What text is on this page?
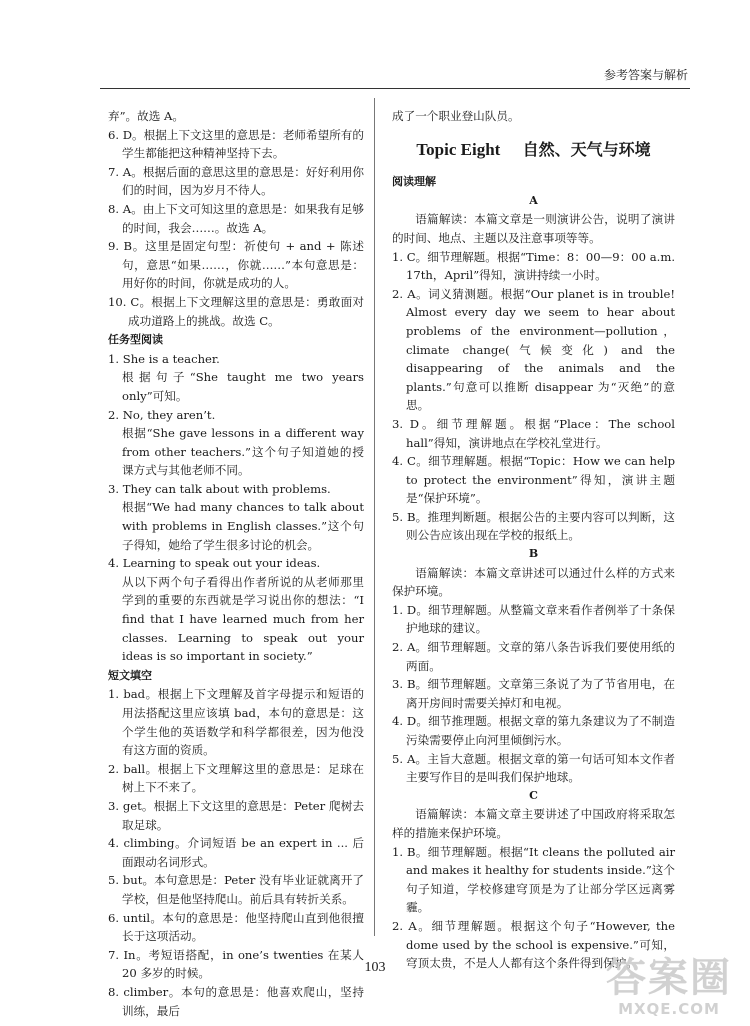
参考答案与解析

弃”。故选 A。

6. D。根据上下文这里的意思是：老师希望所有的学生都能把这种精神坚持下去。

7. A。根据后面的意思这里的意思是：好好利用你们的时间，因为岁月不待人。

8. A。由上下文可知这里的意思是：如果我有足够的时间，我会……。故选 A。

9. B。这里是固定句型：祈使句 + and + 陈述句，意思“如果……，你就……”本句意思是：用好你的时间，你就是成功的人。

10. C。根据上下文理解这里的意思是：勇敢面对成功道路上的挑战。故选 C。

任务型阅读

1. She is a teacher.

根据句子“She taught me two years only”可知。

2. No, they aren’t.

根据“She gave lessons in a different way from other teachers.”这个句子知道她的授课方式与其他老师不同。

3. They can talk about with problems.

根据“We had many chances to talk about with problems in English classes.”这个句子得知，她给了学生很多讨论的机会。

4. Learning to speak out your ideas.

从以下两个句子看得出作者所说的从老师那里学到的重要的东西就是学习说出你的想法：“I find that I have learned much from her classes. Learning to speak out your ideas is so important in society.”

短文填空

1. bad。根据上下文理解及首字母提示和短语的用法搭配这里应该填 bad，本句的意思是：这个学生他的英语数学和科学都很差，因为他没有这方面的资质。

2. ball。根据上下文理解这里的意思是：足球在树上下不来了。

3. get。根据上下文这里的意思是：Peter 爬树去取足球。

4. climbing。介词短语 be an expert in ... 后面跟动名词形式。

5. but。本句意思是：Peter 没有毕业证就离开了学校，但是他坚持爬山。前后具有转折关系。

6. until。本句的意思是：他坚持爬山直到他很擅长于这项活动。

7. In。考短语搭配，in one’s twenties 在某人 20 多岁的时候。

8. climber。本句的意思是：他喜欢爬山，坚持训练，最后

成了一个职业登山队员。

Topic Eight 自然、天气与环境

阅读理解

A

语篇解读：本篇文章是一则演讲公告，说明了演讲的时间、地点、主题以及注意事项等等。

1. C。细节理解题。根据“Time：8：00—9：00 a.m. 17th，April”得知，演讲持续一小时。

2. A。词义猜测题。根据“Our planet is in trouble! Almost every day we seem to hear about problems of the environment—pollution，climate change(气候变化) and the disappearing of the animals and the plants.”句意可以推断 disappear 为“灭绝”的意思。

3. D。细节理解题。根据“Place：The school hall”得知，演讲地点在学校礼堂进行。

4. C。细节理解题。根据“Topic：How we can help to protect the environment”得知，演讲主题是“保护环境”。

5. B。推理判断题。根据公告的主要内容可以判断，这则公告应该出现在学校的报纸上。

B

语篇解读：本篇文章讲述可以通过什么样的方式来保护环境。

1. D。细节理解题。从整篇文章来看作者例举了十条保护地球的建议。

2. A。细节理解题。文章的第八条告诉我们要使用纸的两面。

3. B。细节理解题。文章第三条说了为了节省用电，在离开房间时需要关掉灯和电视。

4. D。细节推理题。根据文章的第九条建议为了不制造污染需要停止向河里倾倒污水。

5. A。主旨大意题。根据文章的第一句话可知本文作者主要写作目的是叫我们保护地球。

C

语篇解读：本篇文章主要讲述了中国政府将采取怎样的措施来保护环境。

1. B。细节理解题。根据“It cleans the polluted air and makes it healthy for students inside.”这个句子知道，学校修建穹顶是为了让部分学区远离雾霾。

2. A。细节理解题。根据这个句子“However, the dome used by the school is expensive.”可知，穹顶太贵，不是人人都有这个条件得到保护。

103	答案圈
MXQE.COM
